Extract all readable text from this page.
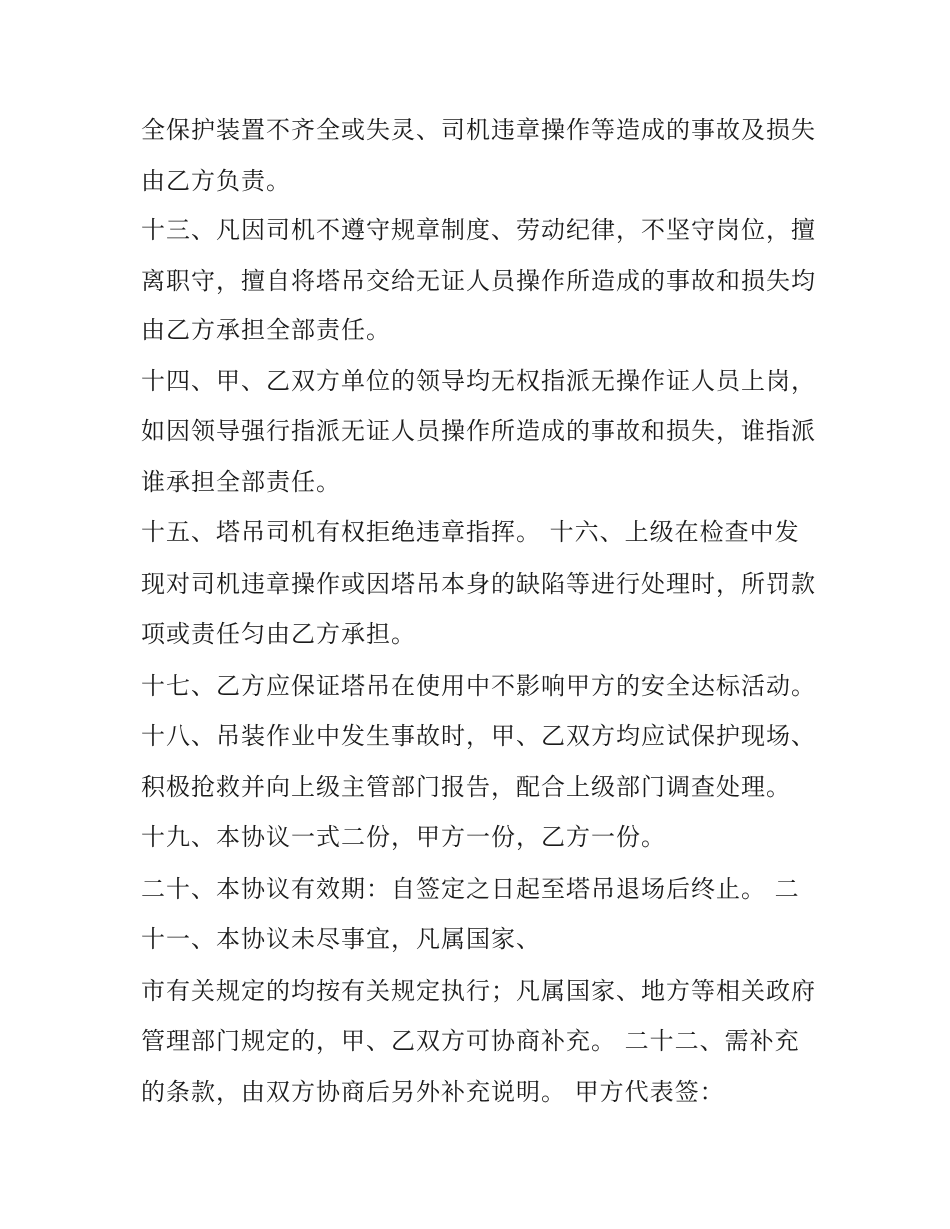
全保护装置不齐全或失灵、司机违章操作等造成的事故及损失
由乙方负责。
十三、凡因司机不遵守规章制度、劳动纪律，不坚守岗位，擅
离职守，擅自将塔吊交给无证人员操作所造成的事故和损失均
由乙方承担全部责任。
十四、甲、乙双方单位的领导均无权指派无操作证人员上岗，
如因领导强行指派无证人员操作所造成的事故和损失，谁指派
谁承担全部责任。
十五、塔吊司机有权拒绝违章指挥。 十六、上级在检查中发
现对司机违章操作或因塔吊本身的缺陷等进行处理时，所罚款
项或责任匀由乙方承担。
十七、乙方应保证塔吊在使用中不影响甲方的安全达标活动。
十八、吊装作业中发生事故时，甲、乙双方均应试保护现场、
积极抢救并向上级主管部门报告，配合上级部门调查处理。
十九、本协议一式二份，甲方一份，乙方一份。
二十、本协议有效期：自签定之日起至塔吊退场后终止。 二
十一、本协议未尽事宜，凡属国家、
市有关规定的均按有关规定执行；凡属国家、地方等相关政府
管理部门规定的，甲、乙双方可协商补充。 二十二、需补充
的条款，由双方协商后另外补充说明。 甲方代表签：
